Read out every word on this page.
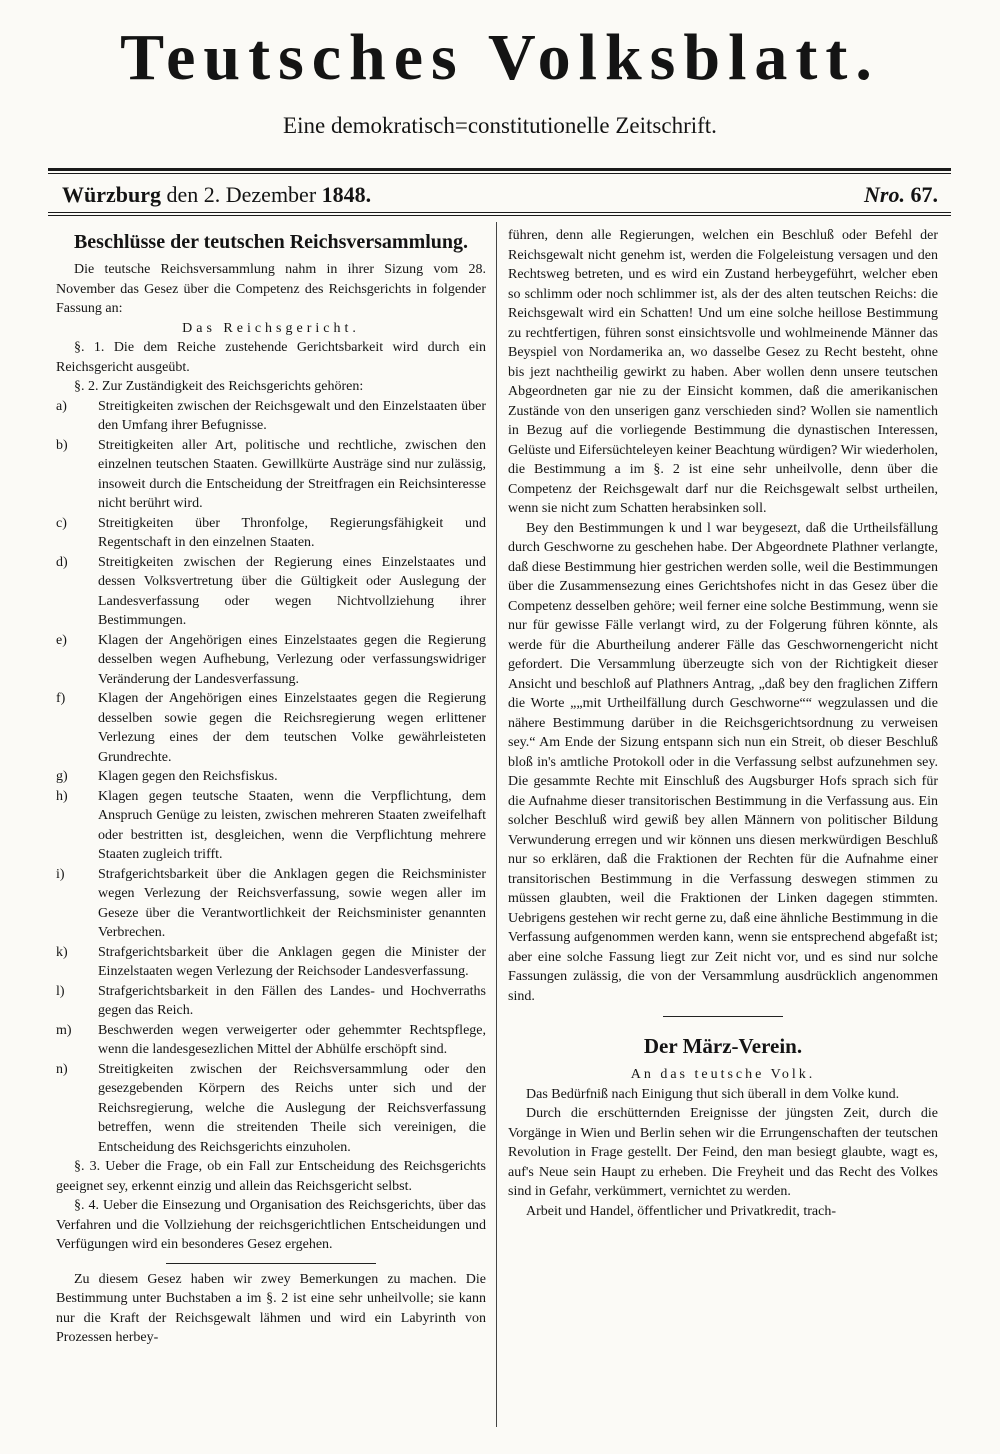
Teutsches Volksblatt.
Eine demokratisch=constitutionelle Zeitschrift.
Würzburg den 2. Dezember 1848.	Nro. 67.
Beschlüsse der teutschen Reichsversammlung.

Die teutsche Reichsversammlung nahm in ihrer Sizung vom 28. November das Gesez über die Competenz des Reichsgerichts in folgender Fassung an:

Das Reichsgericht.

§. 1. Die dem Reiche zustehende Gerichtsbarkeit wird durch ein Reichsgericht ausgeübt.

§. 2. Zur Zuständigkeit des Reichsgerichts gehören:

a) Streitigkeiten zwischen der Reichsgewalt und den Einzelstaaten über den Umfang ihrer Befugnisse.

b) Streitigkeiten aller Art, politische und rechtliche, zwischen den einzelnen teutschen Staaten. Gewillkürte Austräge sind nur zulässig, insoweit durch die Entscheidung der Streitfragen ein Reichsinteresse nicht berührt wird.

c) Streitigkeiten über Thronfolge, Regierungsfähigkeit und Regentschaft in den einzelnen Staaten.

d) Streitigkeiten zwischen der Regierung eines Einzelstaates und dessen Volksvertretung über die Gültigkeit oder Auslegung der Landesverfassung oder wegen Nichtvollziehung ihrer Bestimmungen.

e) Klagen der Angehörigen eines Einzelstaates gegen die Regierung desselben wegen Aufhebung, Verlezung oder verfassungswidriger Veränderung der Landesverfassung.

f) Klagen der Angehörigen eines Einzelstaates gegen die Regierung desselben sowie gegen die Reichsregierung wegen erlittener Verlezung eines der dem teutschen Volke gewährleisteten Grundrechte.

g) Klagen gegen den Reichsfiskus.

h) Klagen gegen teutsche Staaten, wenn die Verpflichtung, dem Anspruch Genüge zu leisten, zwischen mehreren Staaten zweifelhaft oder bestritten ist, desgleichen, wenn die Verpflichtung mehrere Staaten zugleich trifft.

i) Strafgerichtsbarkeit über die Anklagen gegen die Reichsminister wegen Verlezung der Reichsverfassung, sowie wegen aller im Geseze über die Verantwortlichkeit der Reichsminister genannten Verbrechen.

k) Strafgerichtsbarkeit über die Anklagen gegen die Minister der Einzelstaaten wegen Verlezung der Reichsoder Landesverfassung.

l) Strafgerichtsbarkeit in den Fällen des Landes- und Hochverraths gegen das Reich.

m) Beschwerden wegen verweigerter oder gehemmter Rechtspflege, wenn die landesgesezlichen Mittel der Abhülfe erschöpft sind.

n) Streitigkeiten zwischen der Reichsversammlung oder den gesezgebenden Körpern des Reichs unter sich und der Reichsregierung, welche die Auslegung der Reichsverfassung betreffen, wenn die streitenden Theile sich vereinigen, die Entscheidung des Reichsgerichts einzuholen.

§. 3. Ueber die Frage, ob ein Fall zur Entscheidung des Reichsgerichts geeignet sey, erkennt einzig und allein das Reichsgericht selbst.

§. 4. Ueber die Einsezung und Organisation des Reichsgerichts, über das Verfahren und die Vollziehung der reichsgerichtlichen Entscheidungen und Verfügungen wird ein besonderes Gesez ergehen.

Zu diesem Gesez haben wir zwey Bemerkungen zu machen. Die Bestimmung unter Buchstaben a im §. 2 ist eine sehr unheilvolle; sie kann nur die Kraft der Reichsgewalt lähmen und wird ein Labyrinth von Prozessen herbey-

führen, denn alle Regierungen, welchen ein Beschluß oder Befehl der Reichsgewalt nicht genehm ist, werden die Folgeleistung versagen und den Rechtsweg betreten, und es wird ein Zustand herbeygeführt, welcher eben so schlimm oder noch schlimmer ist, als der des alten teutschen Reichs: die Reichsgewalt wird ein Schatten! Und um eine solche heillose Bestimmung zu rechtfertigen, führen sonst einsichtsvolle und wohlmeinende Männer das Beyspiel von Nordamerika an, wo dasselbe Gesez zu Recht besteht, ohne bis jezt nachtheilig gewirkt zu haben. Aber wollen denn unsere teutschen Abgeordneten gar nie zu der Einsicht kommen, daß die amerikanischen Zustände von den unserigen ganz verschieden sind? Wollen sie namentlich in Bezug auf die vorliegende Bestimmung die dynastischen Interessen, Gelüste und Eifersüchteleyen keiner Beachtung würdigen? Wir wiederholen, die Bestimmung a im §. 2 ist eine sehr unheilvolle, denn über die Competenz der Reichsgewalt darf nur die Reichsgewalt selbst urtheilen, wenn sie nicht zum Schatten herabsinken soll.

Bey den Bestimmungen k und l war beygesezt, daß die Urtheilsfällung durch Geschworne zu geschehen habe. Der Abgeordnete Plathner verlangte, daß diese Bestimmung hier gestrichen werden solle, weil die Bestimmungen über die Zusammensezung eines Gerichtshofes nicht in das Gesez über die Competenz desselben gehöre; weil ferner eine solche Bestimmung, wenn sie nur für gewisse Fälle verlangt wird, zu der Folgerung führen könnte, als werde für die Aburtheilung anderer Fälle das Geschwornengericht nicht gefordert. Die Versammlung überzeugte sich von der Richtigkeit dieser Ansicht und beschloß auf Plathners Antrag, „daß bey den fraglichen Ziffern die Worte „„mit Urtheilfällung durch Geschworne““ wegzulassen und die nähere Bestimmung darüber in die Reichsgerichtsordnung zu verweisen sey.“ Am Ende der Sizung entspann sich nun ein Streit, ob dieser Beschluß bloß in's amtliche Protokoll oder in die Verfassung selbst aufzunehmen sey. Die gesammte Rechte mit Einschluß des Augsburger Hofs sprach sich für die Aufnahme dieser transitorischen Bestimmung in die Verfassung aus. Ein solcher Beschluß wird gewiß bey allen Männern von politischer Bildung Verwunderung erregen und wir können uns diesen merkwürdigen Beschluß nur so erklären, daß die Fraktionen der Rechten für die Aufnahme einer transitorischen Bestimmung in die Verfassung deswegen stimmen zu müssen glaubten, weil die Fraktionen der Linken dagegen stimmten. Uebrigens gestehen wir recht gerne zu, daß eine ähnliche Bestimmung in die Verfassung aufgenommen werden kann, wenn sie entsprechend abgefaßt ist; aber eine solche Fassung liegt zur Zeit nicht vor, und es sind nur solche Fassungen zulässig, die von der Versammlung ausdrücklich angenommen sind.

Der März-Verein.

An das teutsche Volk.

Das Bedürfniß nach Einigung thut sich überall in dem Volke kund.

Durch die erschütternden Ereignisse der jüngsten Zeit, durch die Vorgänge in Wien und Berlin sehen wir die Errungenschaften der teutschen Revolution in Frage gestellt. Der Feind, den man besiegt glaubte, wagt es, auf's Neue sein Haupt zu erheben. Die Freyheit und das Recht des Volkes sind in Gefahr, verkümmert, vernichtet zu werden.

Arbeit und Handel, öffentlicher und Privatkredit, trach-
